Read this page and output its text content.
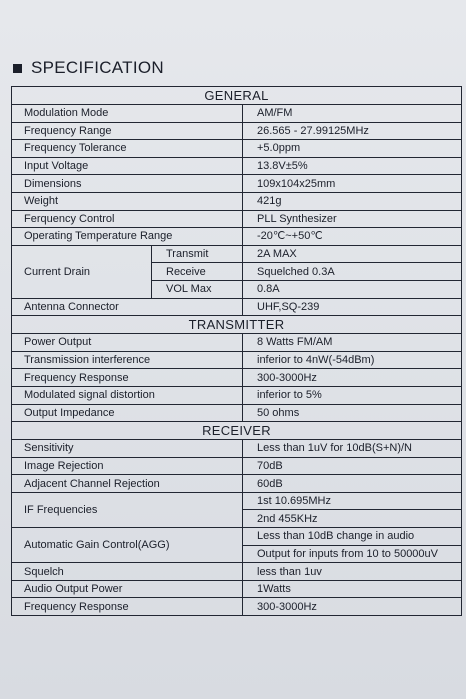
SPECIFICATION
GENERAL		
Modulation Mode		AM/FM
Frequency Range		26.565 - 27.99125MHz
Frequency Tolerance		+5.0ppm
Input Voltage		13.8V±5%
Dimensions		109x104x25mm
Weight		421g
Ferquency Control		PLL Synthesizer
Operating Temperature Range		-20℃~+50℃
Current Drain	Transmit	2A MAX
	Receive	Squelched 0.3A
	VOL Max	0.8A
Antenna Connector		UHF,SQ-239
TRANSMITTER		
Power Output		8 Watts FM/AM
Transmission interference		inferior to 4nW(-54dBm)
Frequency Response		300-3000Hz
Modulated signal distortion		inferior to 5%
Output Impedance		50 ohms
RECEIVER		
Sensitivity		Less than 1uV for 10dB(S+N)/N
Image Rejection		70dB
Adjacent Channel Rejection		60dB
IF Frequencies		1st 10.695MHz
		2nd 455KHz
Automatic Gain Control(AGG)		Less than 10dB change in audio
		Output for inputs from 10 to 50000uV
Squelch		less than 1uv
Audio Output Power		1Watts
Frequency Response		300-3000Hz
